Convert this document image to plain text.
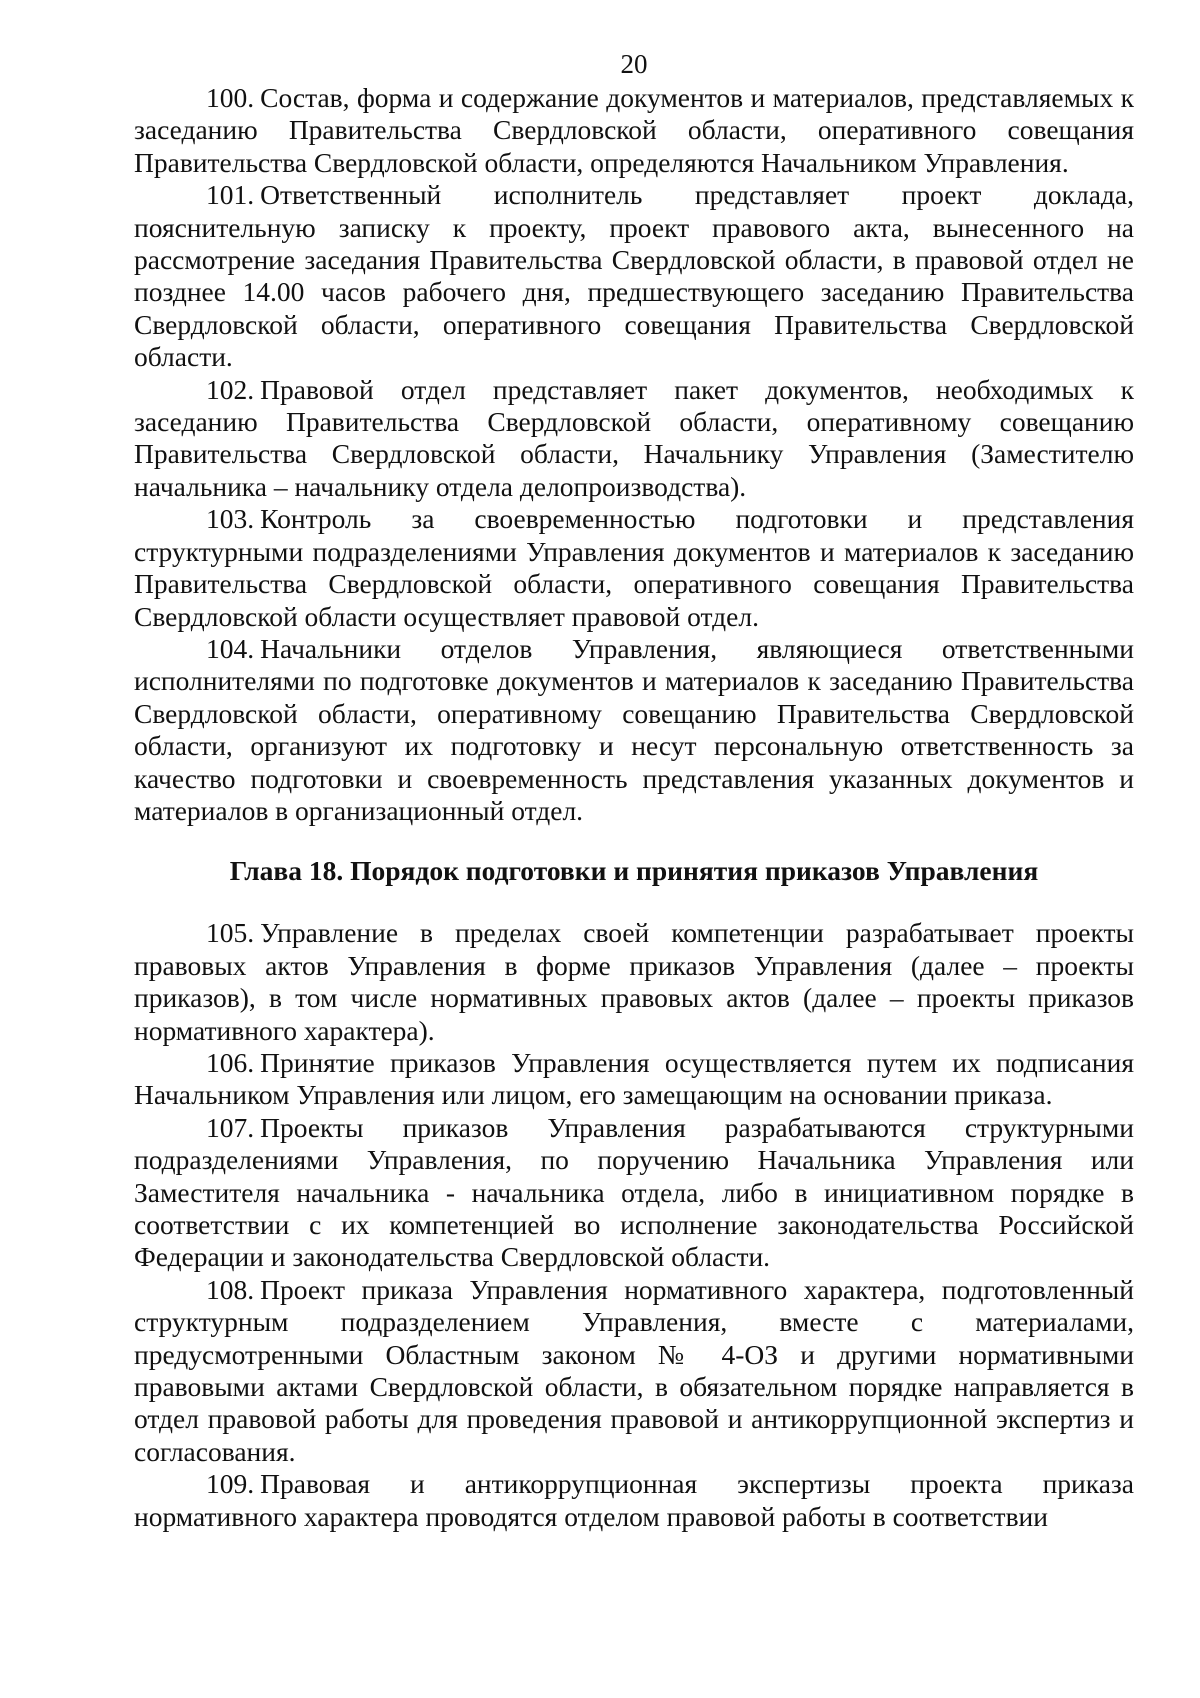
20

100. Состав, форма и содержание документов и материалов, представляемых к заседанию Правительства Свердловской области, оперативного совещания Правительства Свердловской области, определяются Начальником Управления.

101. Ответственный исполнитель представляет проект доклада, пояснительную записку к проекту, проект правового акта, вынесенного на рассмотрение заседания Правительства Свердловской области, в правовой отдел не позднее 14.00 часов рабочего дня, предшествующего заседанию Правительства Свердловской области, оперативного совещания Правительства Свердловской области.

102. Правовой отдел представляет пакет документов, необходимых к заседанию Правительства Свердловской области, оперативному совещанию Правительства Свердловской области, Начальнику Управления (Заместителю начальника – начальнику отдела делопроизводства).

103. Контроль за своевременностью подготовки и представления структурными подразделениями Управления документов и материалов к заседанию Правительства Свердловской области, оперативного совещания Правительства Свердловской области осуществляет правовой отдел.

104. Начальники отделов Управления, являющиеся ответственными исполнителями по подготовке документов и материалов к заседанию Правительства Свердловской области, оперативному совещанию Правительства Свердловской области, организуют их подготовку и несут персональную ответственность за качество подготовки и своевременность представления указанных документов и материалов в организационный отдел.

Глава 18. Порядок подготовки и принятия приказов Управления

105. Управление в пределах своей компетенции разрабатывает проекты правовых актов Управления в форме приказов Управления (далее – проекты приказов), в том числе нормативных правовых актов (далее – проекты приказов нормативного характера).

106. Принятие приказов Управления осуществляется путем их подписания Начальником Управления или лицом, его замещающим на основании приказа.

107. Проекты приказов Управления разрабатываются структурными подразделениями Управления, по поручению Начальника Управления или Заместителя начальника - начальника отдела, либо в инициативном порядке в соответствии с их компетенцией во исполнение законодательства Российской Федерации и законодательства Свердловской области.

108. Проект приказа Управления нормативного характера, подготовленный структурным подразделением Управления, вместе с материалами, предусмотренными Областным законом № 4-ОЗ и другими нормативными правовыми актами Свердловской области, в обязательном порядке направляется в отдел правовой работы для проведения правовой и антикоррупционной экспертиз и согласования.

109. Правовая и антикоррупционная экспертизы проекта приказа нормативного характера проводятся отделом правовой работы в соответствии
